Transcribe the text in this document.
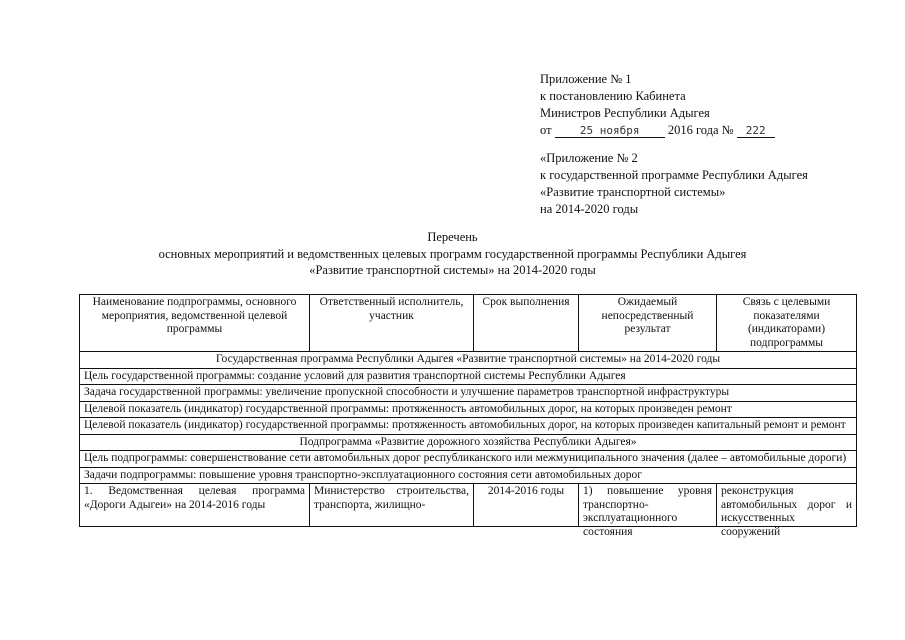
Приложение № 1
к постановлению Кабинета
Министров Республики Адыгея
от	25 ноября 2016 года № 222
«Приложение № 2
к государственной программе Республики Адыгея
«Развитие транспортной системы»
на 2014-2020 годы
Перечень
основных мероприятий и ведомственных целевых программ государственной программы Республики Адыгея
«Развитие транспортной системы» на 2014-2020 годы
Наименование подпрограммы, основного мероприятия, ведомственной целевой программы	Ответственный исполнитель, участник	Срок выполнения	Ожидаемый непосредственный результат	Связь с целевыми показателями (индикаторами) подпрограммы
Государственная программа Республики Адыгея «Развитие транспортной системы» на 2014-2020 годы				
Цель государственной программы: создание условий для развития транспортной системы Республики Адыгея				
Задача государственной программы: увеличение пропускной способности и улучшение параметров транспортной инфраструктуры				
Целевой показатель (индикатор) государственной программы: протяженность автомобильных дорог, на которых произведен ремонт				
Целевой показатель (индикатор) государственной программы: протяженность автомобильных дорог, на которых произведен капитальный ремонт и ремонт				
Подпрограмма «Развитие дорожного хозяйства Республики Адыгея»				
Цель подпрограммы: совершенствование сети автомобильных дорог республиканского или межмуниципального значения (далее – автомобильные дороги)				
Задачи подпрограммы: повышение уровня транспортно-эксплуатационного состояния сети автомобильных дорог				

1. Ведомственная целевая программа «Дороги Адыгеи» на 2014-2016 годы	Министерство строительства, транспорта, жилищно-	2014-2016 годы	1) повышение уровня транспортно-эксплуатационного состояния	реконструкция автомобильных дорог и искусственных сооружений
